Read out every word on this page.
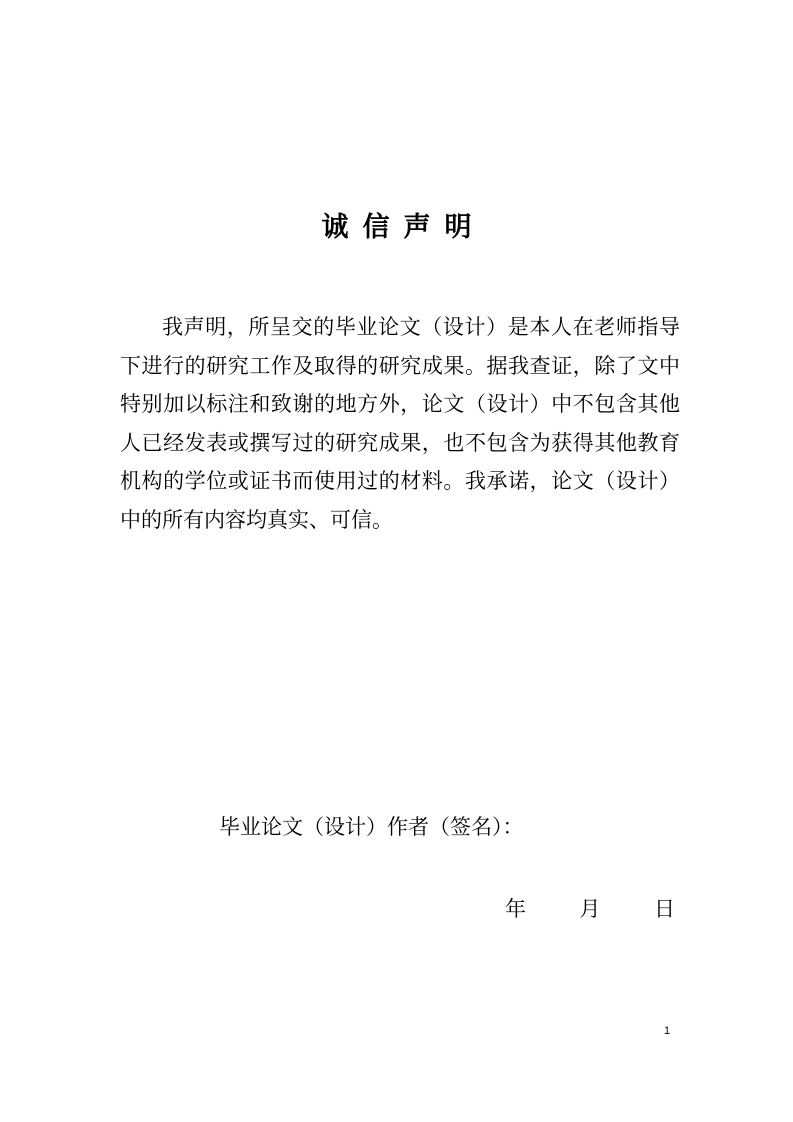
诚信声明

我声明，所呈交的毕业论文（设计）是本人在老师指导下进行的研究工作及取得的研究成果。据我查证，除了文中特别加以标注和致谢的地方外，论文（设计）中不包含其他人已经发表或撰写过的研究成果，也不包含为获得其他教育机构的学位或证书而使用过的材料。我承诺，论文（设计）中的所有内容均真实、可信。

毕业论文（设计）作者（签名）：
年	月	日
1
